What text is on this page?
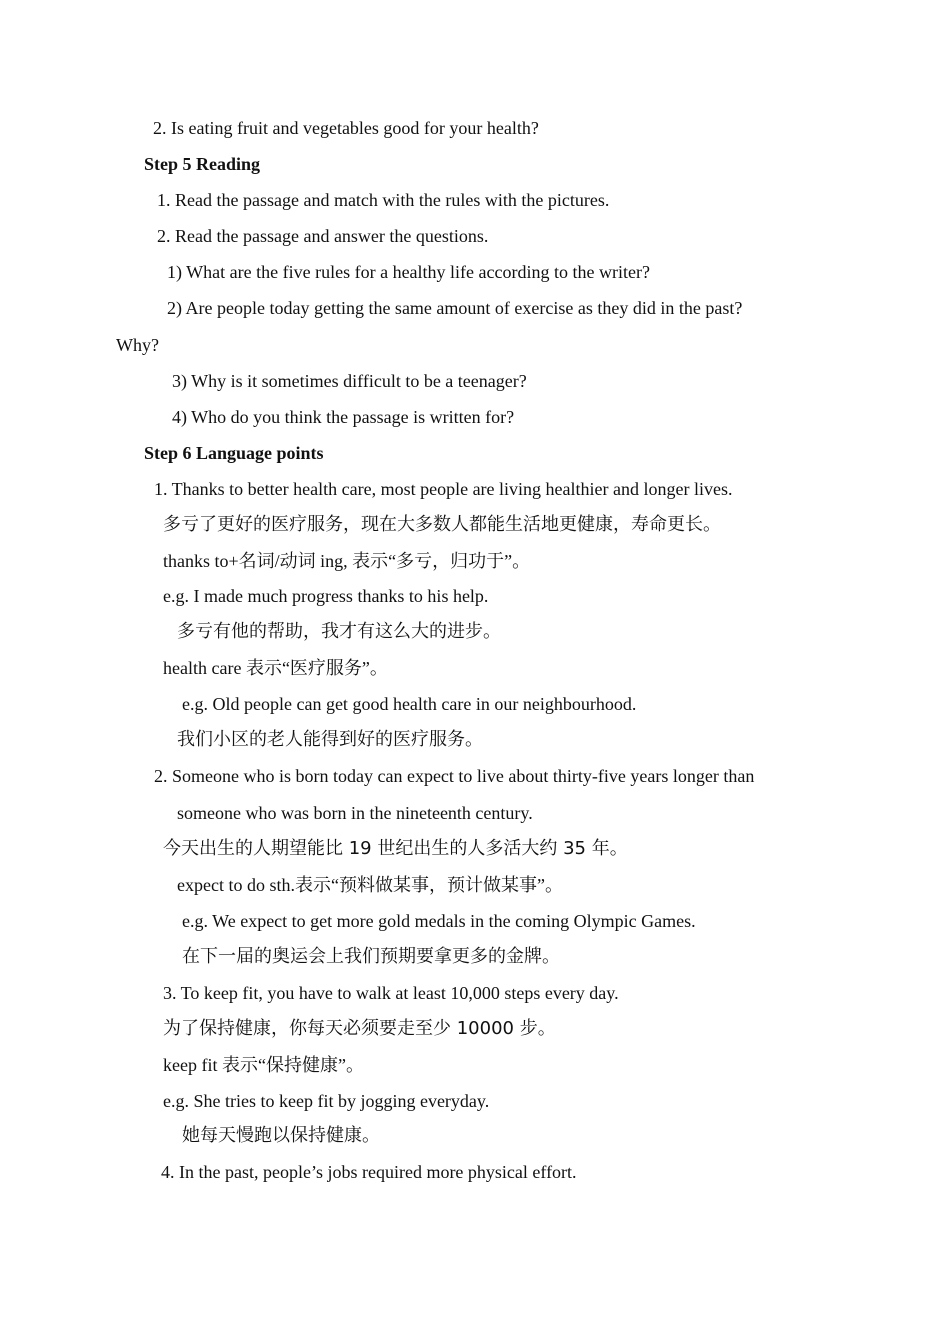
2. Is eating fruit and vegetables good for your health?
Step 5 Reading
1. Read the passage and match with the rules with the pictures.
2. Read the passage and answer the questions.
1) What are the five rules for a healthy life according to the writer?
2) Are people today getting the same amount of exercise as they did in the past?
Why?
3) Why is it sometimes difficult to be a teenager?
4) Who do you think the passage is written for?
Step 6 Language points
1. Thanks to better health care, most people are living healthier and longer lives.
多亏了更好的医疗服务，现在大多数人都能生活地更健康，寿命更长。
thanks to+名词/动词 ing, 表示“多亏，归功于”。
e.g. I made much progress thanks to his help.
多亏有他的帮助，我才有这么大的进步。
health care 表示“医疗服务”。
e.g. Old people can get good health care in our neighbourhood.
我们小区的老人能得到好的医疗服务。
2. Someone who is born today can expect to live about thirty-five years longer than
someone who was born in the nineteenth century.
今天出生的人期望能比 19 世纪出生的人多活大约 35 年。
expect to do sth.表示“预料做某事，预计做某事”。
e.g. We expect to get more gold medals in the coming Olympic Games.
在下一届的奥运会上我们预期要拿更多的金牌。
3. To keep fit, you have to walk at least 10,000 steps every day.
为了保持健康，你每天必须要走至少 10000 步。
keep fit 表示“保持健康”。
e.g. She tries to keep fit by jogging everyday.
她每天慢跑以保持健康。
4. In the past, people’s jobs required more physical effort.
